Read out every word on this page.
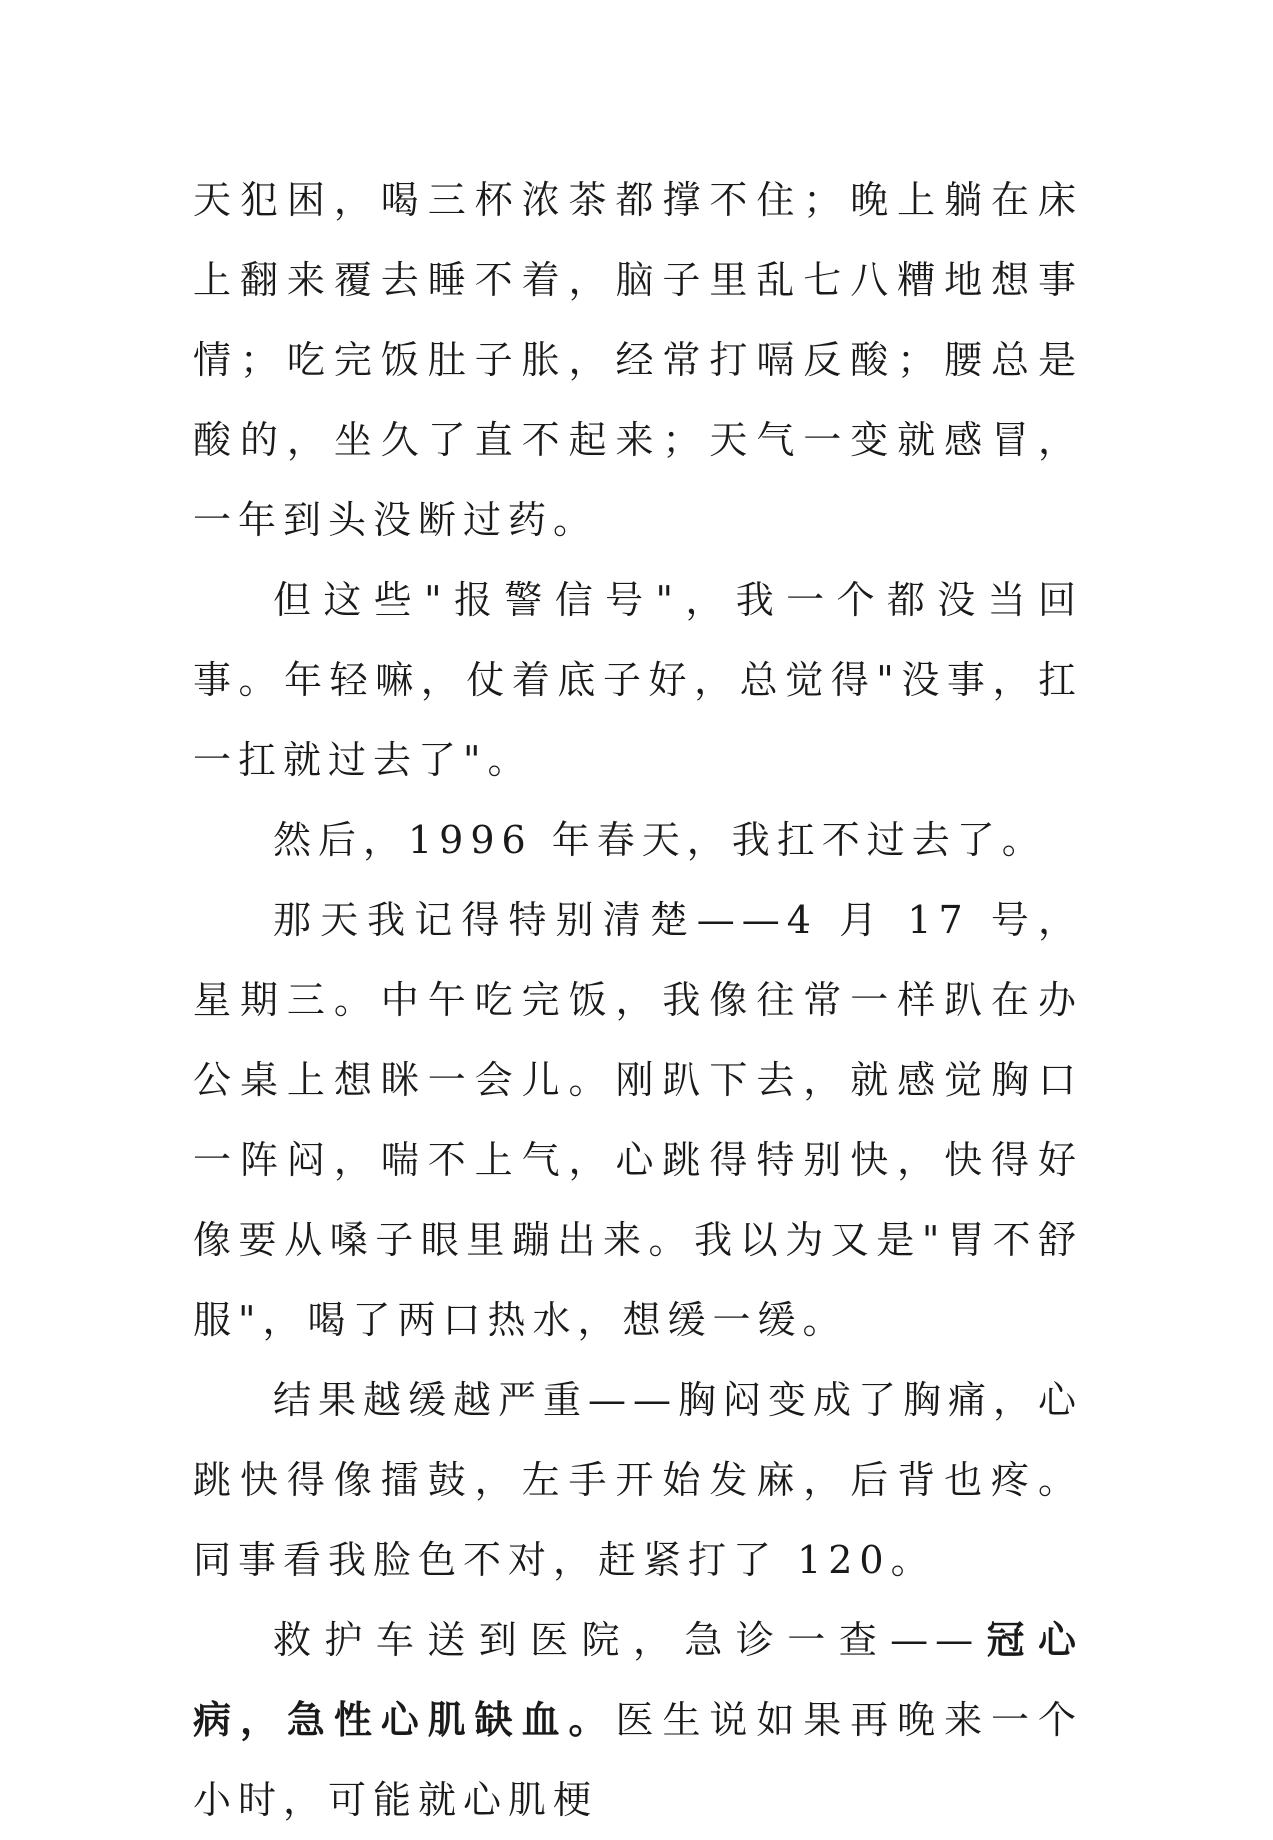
天犯困，喝三杯浓茶都撑不住；晚上躺在床上翻来覆去睡不着，脑子里乱七八糟地想事情；吃完饭肚子胀，经常打嗝反酸；腰总是酸的，坐久了直不起来；天气一变就感冒，一年到头没断过药。

但这些"报警信号"，我一个都没当回事。年轻嘛，仗着底子好，总觉得"没事，扛一扛就过去了"。

然后，1996 年春天，我扛不过去了。

那天我记得特别清楚——4 月 17 号，星期三。中午吃完饭，我像往常一样趴在办公桌上想眯一会儿。刚趴下去，就感觉胸口一阵闷，喘不上气，心跳得特别快，快得好像要从嗓子眼里蹦出来。我以为又是"胃不舒服"，喝了两口热水，想缓一缓。

结果越缓越严重——胸闷变成了胸痛，心跳快得像擂鼓，左手开始发麻，后背也疼。同事看我脸色不对，赶紧打了 120。

救护车送到医院，急诊一查——冠心病，急性心肌缺血。医生说如果再晚来一个小时，可能就心肌梗
